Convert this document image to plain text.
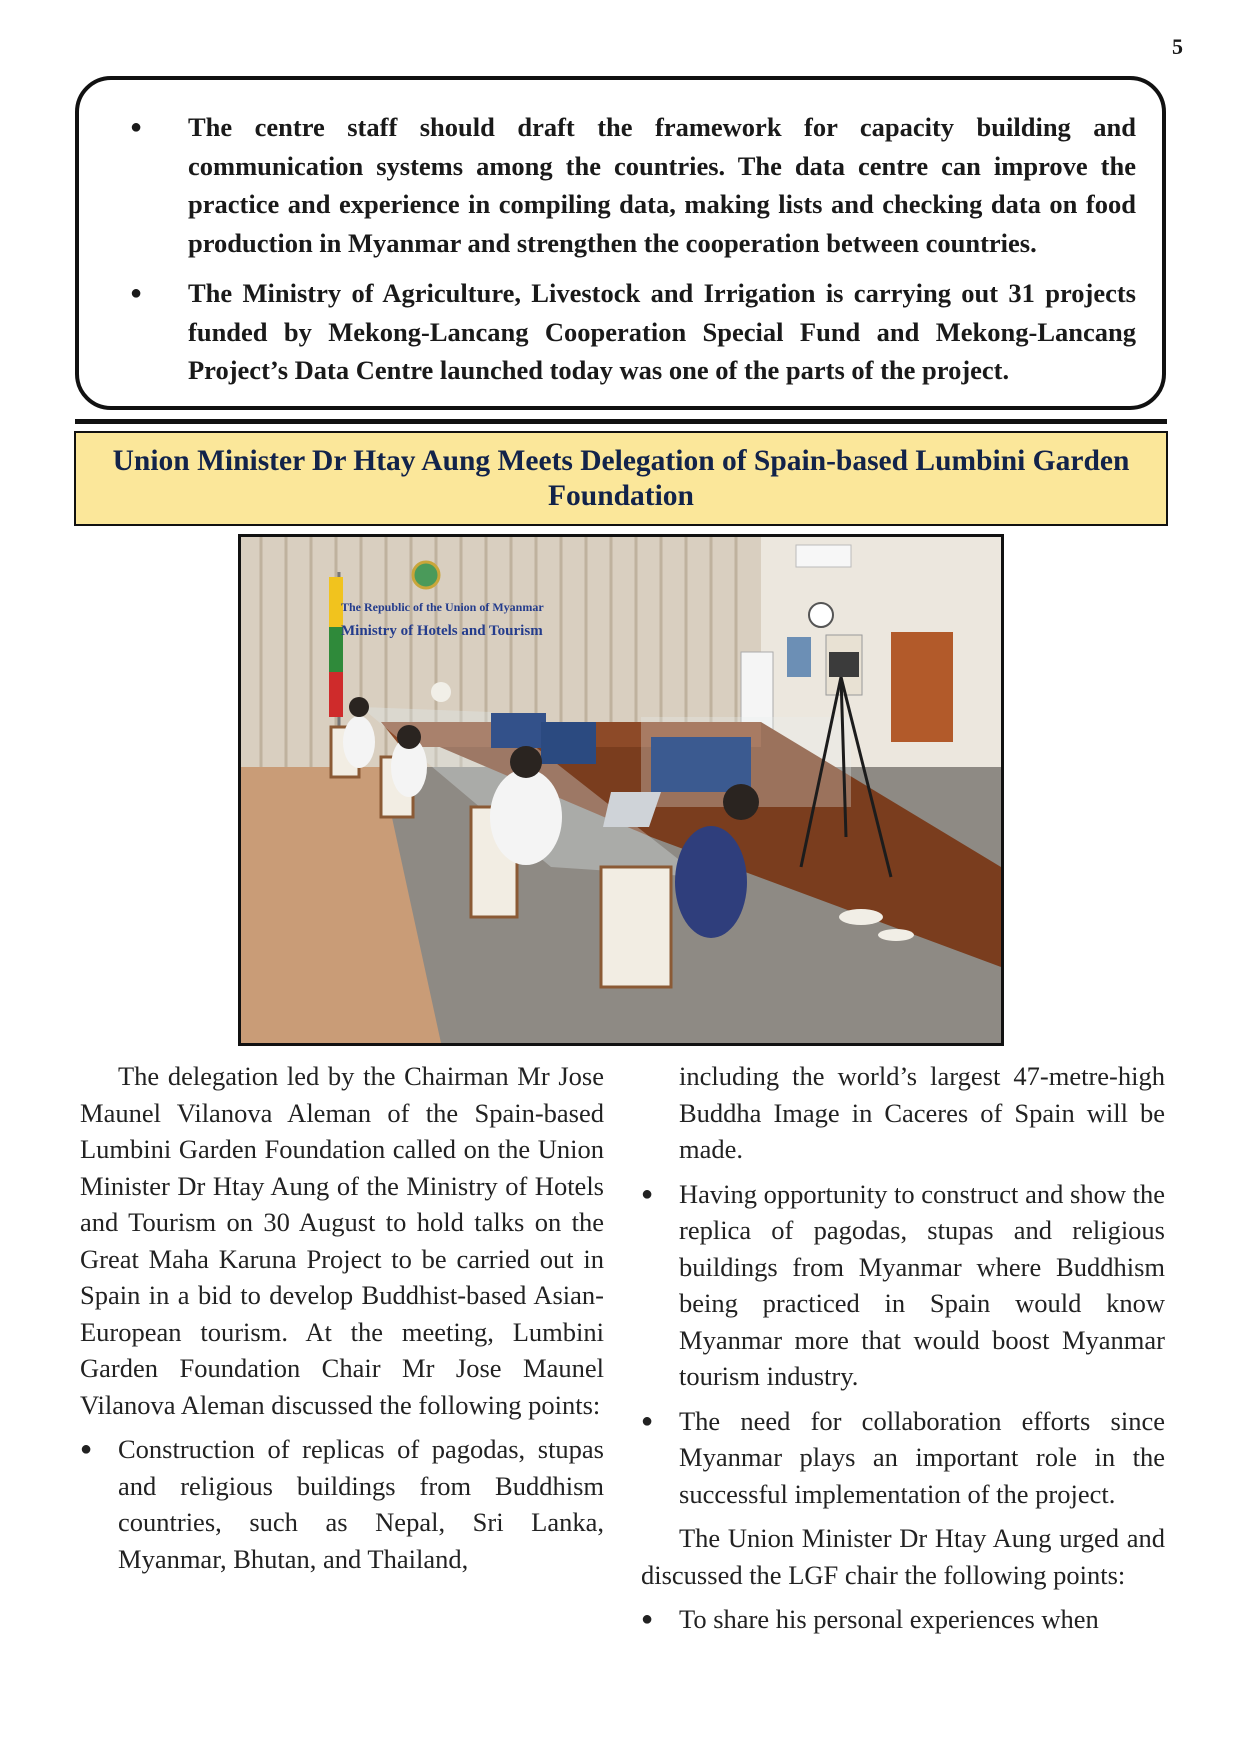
5
● The centre staff should draft the framework for capacity building and communication systems among the countries. The data centre can improve the practice and experience in compiling data, making lists and checking data on food production in Myanmar and strengthen the cooperation between countries.
● The Ministry of Agriculture, Livestock and Irrigation is carrying out 31 projects funded by Mekong-Lancang Cooperation Special Fund and Mekong-Lancang Project’s Data Centre launched today was one of the parts of the project.
Union Minister Dr Htay Aung Meets Delegation of Spain-based Lumbini Garden Foundation
The Republic of the Union of Myanmar
Ministry of Hotels and Tourism

The delegation led by the Chairman Mr Jose Maunel Vilanova Aleman of the Spain-based Lumbini Garden Foundation called on the Union Minister Dr Htay Aung of the Ministry of Hotels and Tourism on 30 August to hold talks on the Great Maha Karuna Project to be carried out in Spain in a bid to develop Buddhist-based Asian-European tourism. At the meeting, Lumbini Garden Foundation Chair Mr Jose Maunel Vilanova Aleman discussed the following points:

● Construction of replicas of pagodas, stupas and religious buildings from Buddhism countries, such as Nepal, Sri Lanka, Myanmar, Bhutan, and Thailand,

including the world’s largest 47-metre-high Buddha Image in Caceres of Spain will be made.

● Having opportunity to construct and show the replica of pagodas, stupas and religious buildings from Myanmar where Buddhism being practiced in Spain would know Myanmar more that would boost Myanmar tourism industry.
● The need for collaboration efforts since Myanmar plays an important role in the successful implementation of the project.

The Union Minister Dr Htay Aung urged and discussed the LGF chair the following points:

● To share his personal experiences when
